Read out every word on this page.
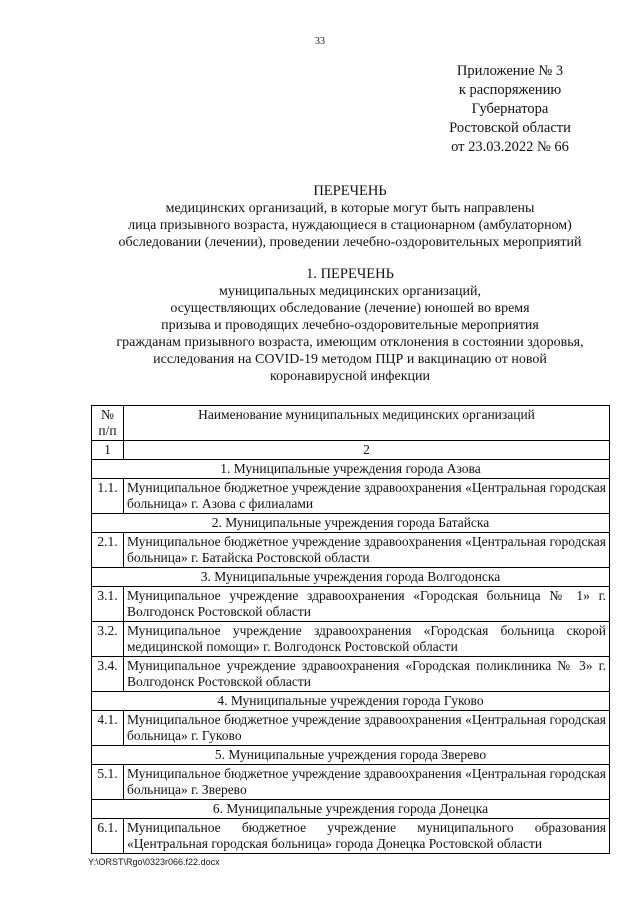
33
Приложение № 3
к распоряжению
Губернатора
Ростовской области
от 23.03.2022 № 66
ПЕРЕЧЕНЬ
медицинских организаций, в которые могут быть направлены
лица призывного возраста, нуждающиеся в стационарном (амбулаторном)
обследовании (лечении), проведении лечебно-оздоровительных мероприятий
1. ПЕРЕЧЕНЬ
муниципальных медицинских организаций,
осуществляющих обследование (лечение) юношей во время
призыва и проводящих лечебно-оздоровительные мероприятия
гражданам призывного возраста, имеющим отклонения в состоянии здоровья,
исследования на COVID-19 методом ПЦР и вакцинацию от новой
коронавирусной инфекции
№
п/п	Наименование муниципальных медицинских организаций
1	2
1. Муниципальные учреждения города Азова	
1.1.	Муниципальное бюджетное учреждение здравоохранения «Центральная городская больница» г. Азова с филиалами
2. Муниципальные учреждения города Батайска	
2.1.	Муниципальное бюджетное учреждение здравоохранения «Центральная городская больница» г. Батайска Ростовской области
3. Муниципальные учреждения города Волгодонска	
3.1.	Муниципальное учреждение здравоохранения «Городская больница № 1» г. Волгодонск Ростовской области
3.2.	Муниципальное учреждение здравоохранения «Городская больница скорой медицинской помощи» г. Волгодонск Ростовской области
3.4.	Муниципальное учреждение здравоохранения «Городская поликлиника № 3» г. Волгодонск Ростовской области
4. Муниципальные учреждения города Гуково	
4.1.	Муниципальное бюджетное учреждение здравоохранения «Центральная городская больница» г. Гуково
5. Муниципальные учреждения города Зверево	
5.1.	Муниципальное бюджетное учреждение здравоохранения «Центральная городская больница» г. Зверево
6. Муниципальные учреждения города Донецка	
6.1.	Муниципальное бюджетное учреждение муниципального образования «Центральная городская больница» города Донецка Ростовской области
Y:\ORST\Rgo\0323r066.f22.docx
